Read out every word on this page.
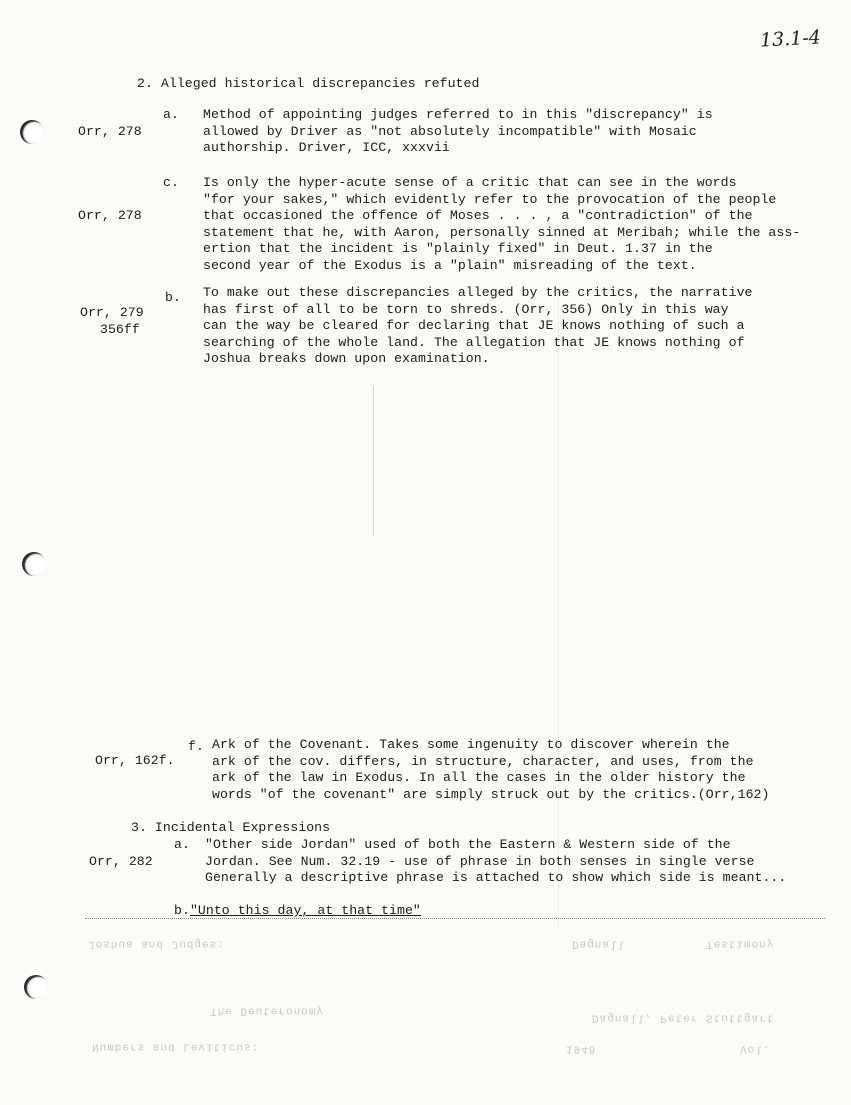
13.1-4
2. Alleged historical discrepancies refuted
Orr, 278
a. Method of appointing judges referred to in this "discrepancy" is
allowed by Driver as "not absolutely incompatible" with Mosaic
authorship. Driver, ICC, xxxvii
Orr, 278
c. Is only the hyper-acute sense of a critic that can see in the words
"for your sakes," which evidently refer to the provocation of the people
that occasioned the offence of Moses . . . , a "contradiction" of the
statement that he, with Aaron, personally sinned at Meribah; while the ass-
ertion that the incident is "plainly fixed" in Deut. 1.37 in the
second year of the Exodus is a "plain" misreading of the text.
Orr, 279
356ff
b. To make out these discrepancies alleged by the critics, the narrative
has first of all to be torn to shreds. (Orr, 356) Only in this way
can the way be cleared for declaring that JE knows nothing of such a
searching of the whole land. The allegation that JE knows nothing of
Joshua breaks down upon examination.
Orr, 162f.
f. Ark of the Covenant. Takes some ingenuity to discover wherein the
ark of the cov. differs, in structure, character, and uses, from the
ark of the law in Exodus. In all the cases in the older history the
words "of the covenant" are simply struck out by the critics.(Orr,162)
3. Incidental Expressions
Orr, 282
a. "Other side Jordan" used of both the Eastern & Western side of the
Jordan. See Num. 32.19 - use of phrase in both senses in single verse
Generally a descriptive phrase is attached to show which side is meant...
b."Unto this day, at that time"
Joshua and Judges:	Dagnall	Testimony
The Deuteronomy
Dagnall, Peter Stuttgart
Numbers and Leviticus:	1948	Vol.
